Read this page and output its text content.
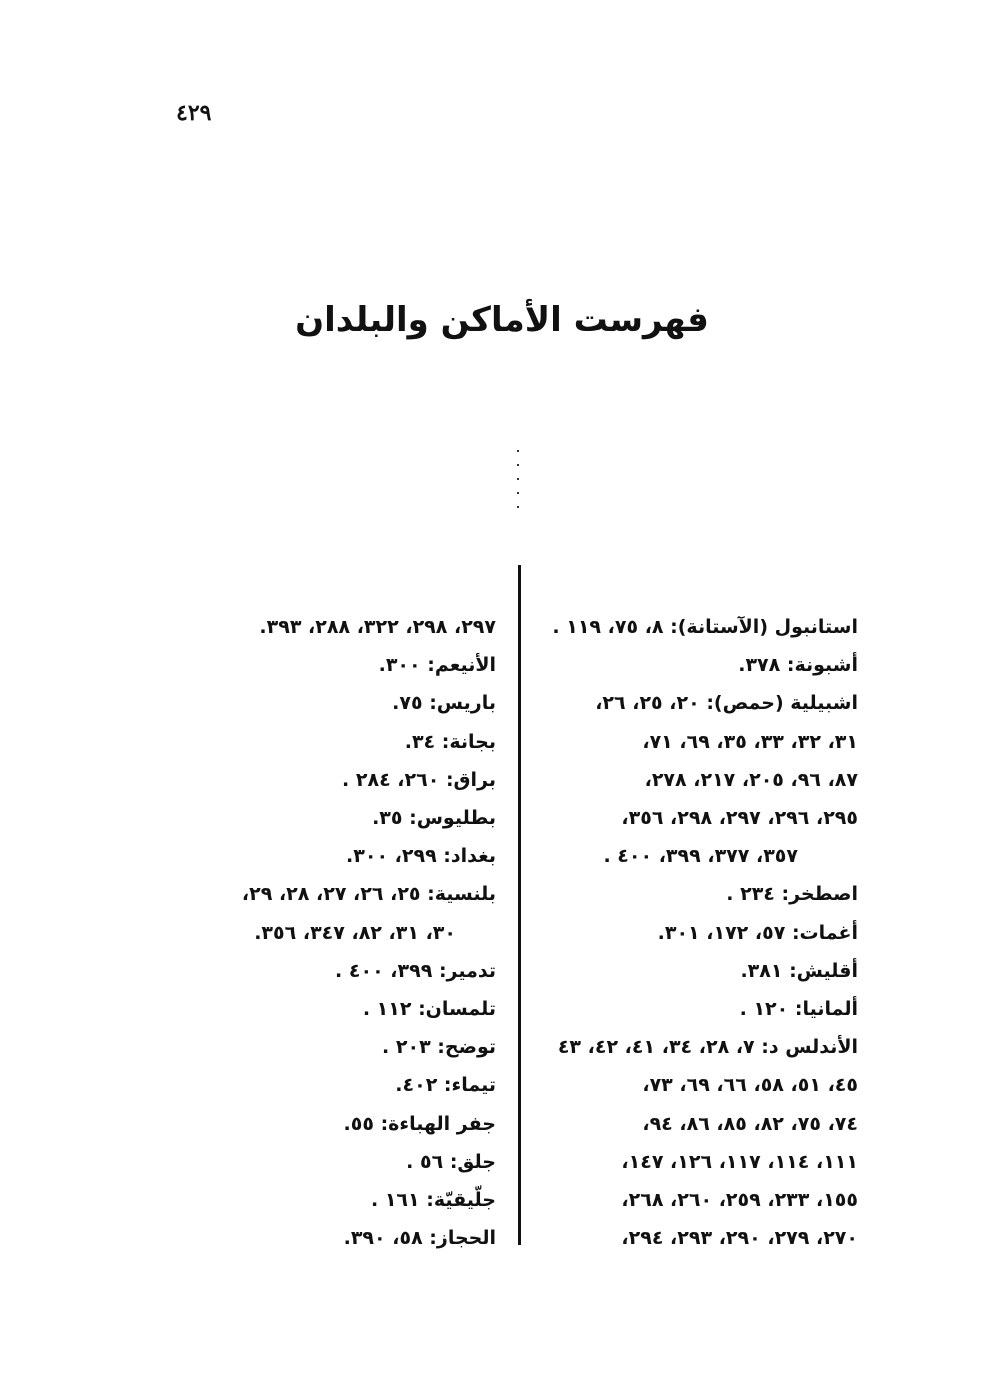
٤٢٩
فهرست الأماكن والبلدان
استانبول (الآستانة): ٨، ٧٥، ١١٩ .
أشبونة: ٣٧٨.
اشبيلية (حمص): ٢٠، ٢٥، ٢٦،
٣١، ٣٢، ٣٣، ٣٥، ٦٩، ٧١،
٨٧، ٩٦، ٢٠٥، ٢١٧، ٢٧٨،
٢٩٥، ٢٩٦، ٢٩٧، ٢٩٨، ٣٥٦،
٣٥٧، ٣٧٧، ٣٩٩، ٤٠٠ .
اصطخر: ٢٣٤ .
أغمات: ٥٧، ١٧٢، ٣٠١.
أقليش: ٣٨١.
ألمانيا: ١٢٠ .
الأندلس د: ٧، ٢٨، ٣٤، ٤١، ٤٢، ٤٣
٤٥، ٥١، ٥٨، ٦٦، ٦٩، ٧٣،
٧٤، ٧٥، ٨٢، ٨٥، ٨٦، ٩٤،
١١١، ١١٤، ١١٧، ١٢٦، ١٤٧،
١٥٥، ٢٣٣، ٢٥٩، ٢٦٠، ٢٦٨،
٢٧٠، ٢٧٩، ٢٩٠، ٢٩٣، ٢٩٤،
٢٩٧، ٢٩٨، ٣٢٢، ٢٨٨، ٣٩٣.
الأنيعم: ٣٠٠.
باريس: ٧٥.
بجانة: ٣٤.
براق: ٢٦٠، ٢٨٤ .
بطليوس: ٣٥.
بغداد: ٢٩٩، ٣٠٠.
بلنسية: ٢٥، ٢٦، ٢٧، ٢٨، ٢٩،
٣٠، ٣١، ٨٢، ٣٤٧، ٣٥٦.
تدمير: ٣٩٩، ٤٠٠ .
تلمسان: ١١٢ .
توضح: ٢٠٣ .
تيماء: ٤٠٢.
جفر الهباءة: ٥٥.
جلق: ٥٦ .
جلّيقيّة: ١٦١ .
الحجاز: ٥٨، ٣٩٠.
